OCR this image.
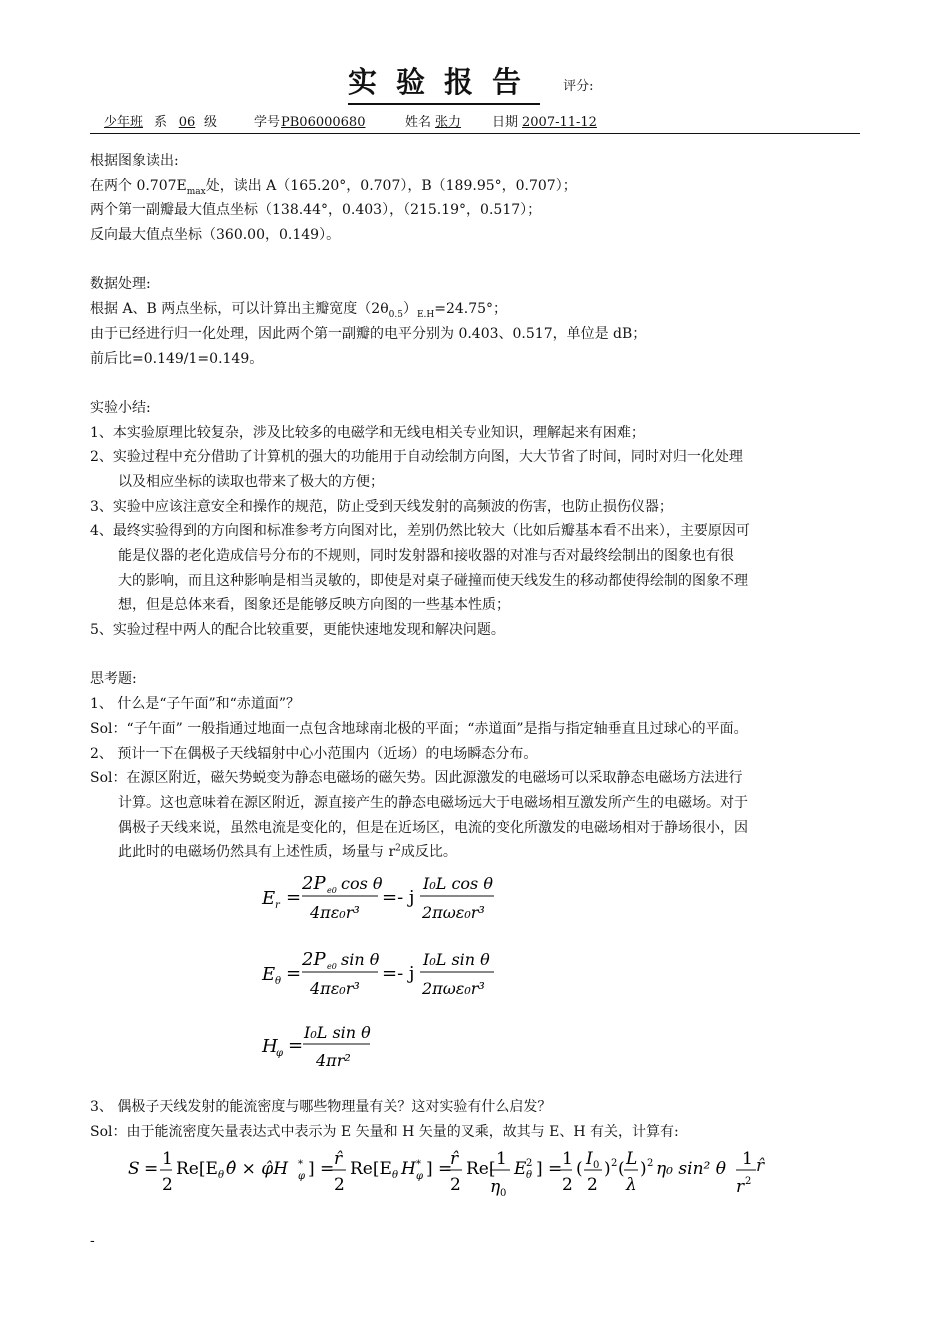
实验报告 评分:
少年班 系 06 级	学号PB06000680	姓名 张力 日期 2007-11-12
根据图象读出:
在两个 $0.707E_{max}$处，读出 A（165.20°，0.707），B（189.95°，0.707）；
两个第一副瓣最大值点坐标（138.44°，0.403），（215.19°，0.517）；
反向最大值点坐标（360.00，0.149）。
数据处理:
根据 A、B 两点坐标，可以计算出主瓣宽度$(2\theta_{0.5})_{E.H}=24.75^\circ$；
由于已经进行归一化处理，因此两个第一副瓣的电平分别为 0.403、0.517，单位是 dB；
前后比=0.149/1=0.149。
实验小结:
1、本实验原理比较复杂，涉及比较多的电磁学和无线电相关专业知识，理解起来有困难；
2、实验过程中充分借助了计算机的强大的功能用于自动绘制方向图，大大节省了时间，同时对归一化处理
以及相应坐标的读取也带来了极大的方便；
3、实验中应该注意安全和操作的规范，防止受到天线发射的高频波的伤害，也防止损伤仪器；
4、最终实验得到的方向图和标准参考方向图对比，差别仍然比较大（比如后瓣基本看不出来），主要原因可
能是仪器的老化造成信号分布的不规则，同时发射器和接收器的对准与否对最终绘制出的图象也有很
大的影响，而且这种影响是相当灵敏的，即使是对桌子碰撞而使天线发生的移动都使得绘制的图象不理
想，但是总体来看，图象还是能够反映方向图的一些基本性质；
5、实验过程中两人的配合比较重要，更能快速地发现和解决问题。
思考题:
1、 什么是“子午面”和“赤道面”？
Sol：“子午面” 一般指通过地面一点包含地球南北极的平面；“赤道面”是指与指定轴垂直且过球心的平面。
2、 预计一下在偶极子天线辐射中心小范围内（近场）的电场瞬态分布。
Sol：在源区附近，磁矢势蜕变为静态电磁场的磁矢势。因此源激发的电磁场可以采取静态电磁场方法进行
计算。这也意味着在源区附近，源直接产生的静态电磁场远大于电磁场相互激发所产生的电磁场。对于
偶极子天线来说，虽然电流是变化的，但是在近场区，电流的变化所激发的电磁场相对于静场很小，因
此此时的电磁场仍然具有上述性质，场量与 $r^2$成反比。
E r =
2P e0 cos θ
4πε₀r³
=- j
I₀L cos θ
2πωε₀r³
E θ =
2P e0 sin θ
4πε₀r³
=- j
I₀L sin θ
2πωε₀r³
H
φ =
I₀L sin θ
4πr²
3、 偶极子天线发射的能流密度与哪些物理量有关？这对实验有什么启发？
Sol：由于能流密度矢量表达式中表示为 E 矢量和 H 矢量的叉乘，故其与 E、H 有关，计算有:
S = 1
2
Re[E θ θ̂ × φ̂H *
φ ] = r̂
2
Re[E θ H *
φ ] =
r̂
2
Re[ 1
η 0
E θ
2 ] = 1
2
( I 0
2
) 2 ( L
λ
) 2 η₀ sin² θ 1
r 2
r̂
-
